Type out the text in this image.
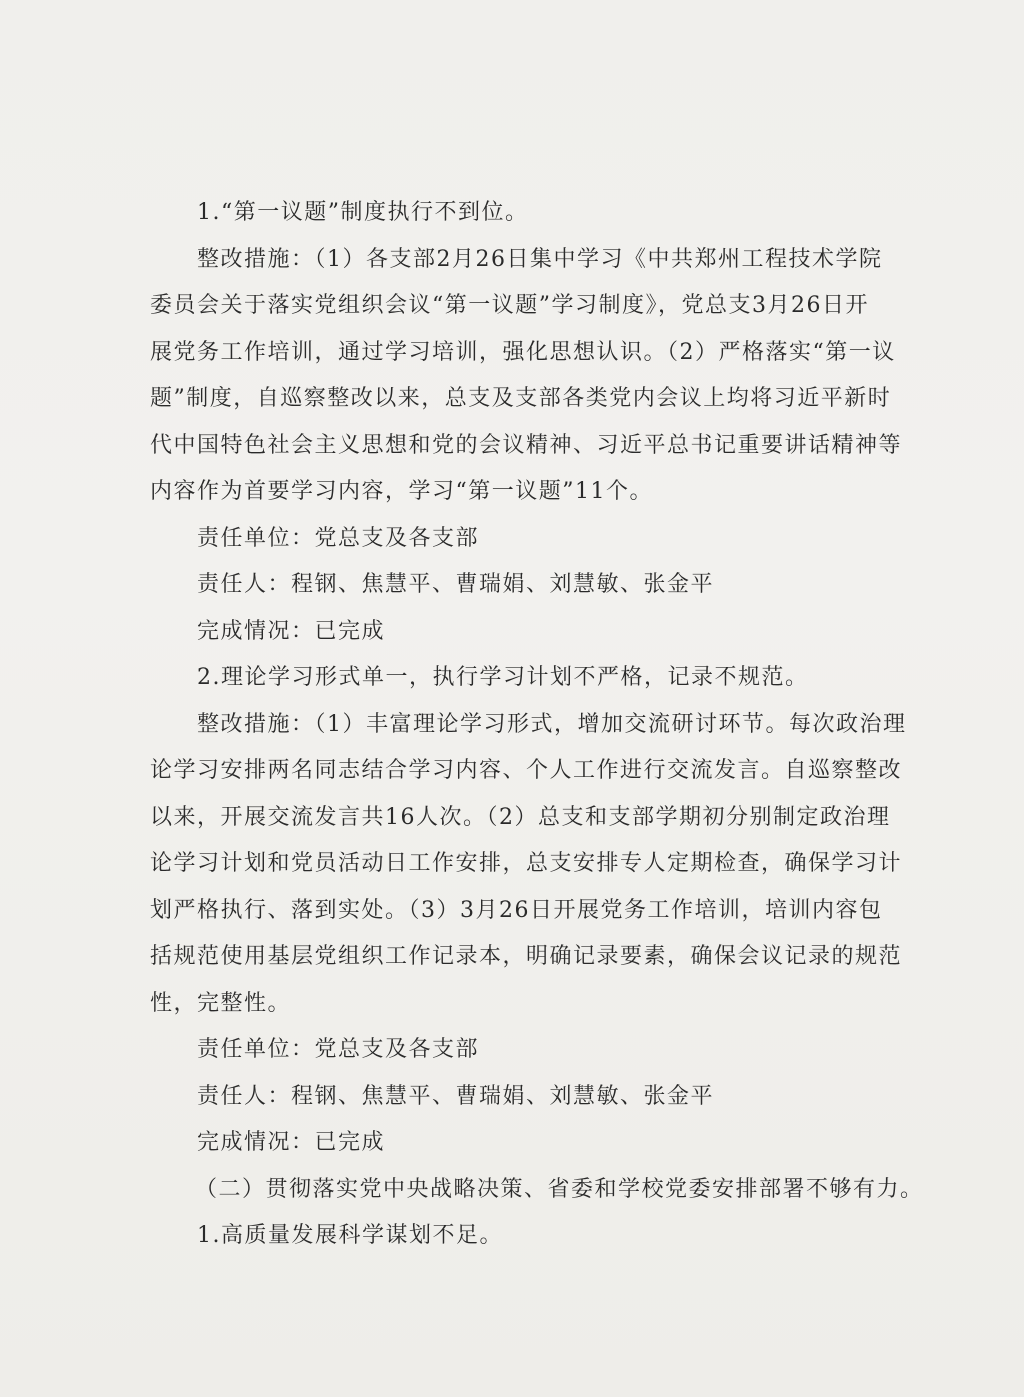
1.“第一议题”制度执行不到位。

整改措施：（1）各支部2月26日集中学习《中共郑州工程技术学院

委员会关于落实党组织会议“第一议题”学习制度》，党总支3月26日开

展党务工作培训，通过学习培训，强化思想认识。（2）严格落实“第一议

题”制度，自巡察整改以来，总支及支部各类党内会议上均将习近平新时

代中国特色社会主义思想和党的会议精神、习近平总书记重要讲话精神等

内容作为首要学习内容，学习“第一议题”11个。

责任单位：党总支及各支部

责任人：程钢、焦慧平、曹瑞娟、刘慧敏、张金平

完成情况：已完成

2.理论学习形式单一，执行学习计划不严格，记录不规范。

整改措施：（1）丰富理论学习形式，增加交流研讨环节。每次政治理

论学习安排两名同志结合学习内容、个人工作进行交流发言。自巡察整改

以来，开展交流发言共16人次。（2）总支和支部学期初分别制定政治理

论学习计划和党员活动日工作安排，总支安排专人定期检查，确保学习计

划严格执行、落到实处。（3）3月26日开展党务工作培训，培训内容包

括规范使用基层党组织工作记录本，明确记录要素，确保会议记录的规范

性，完整性。

责任单位：党总支及各支部

责任人：程钢、焦慧平、曹瑞娟、刘慧敏、张金平

完成情况：已完成

（二）贯彻落实党中央战略决策、省委和学校党委安排部署不够有力。

1.高质量发展科学谋划不足。
